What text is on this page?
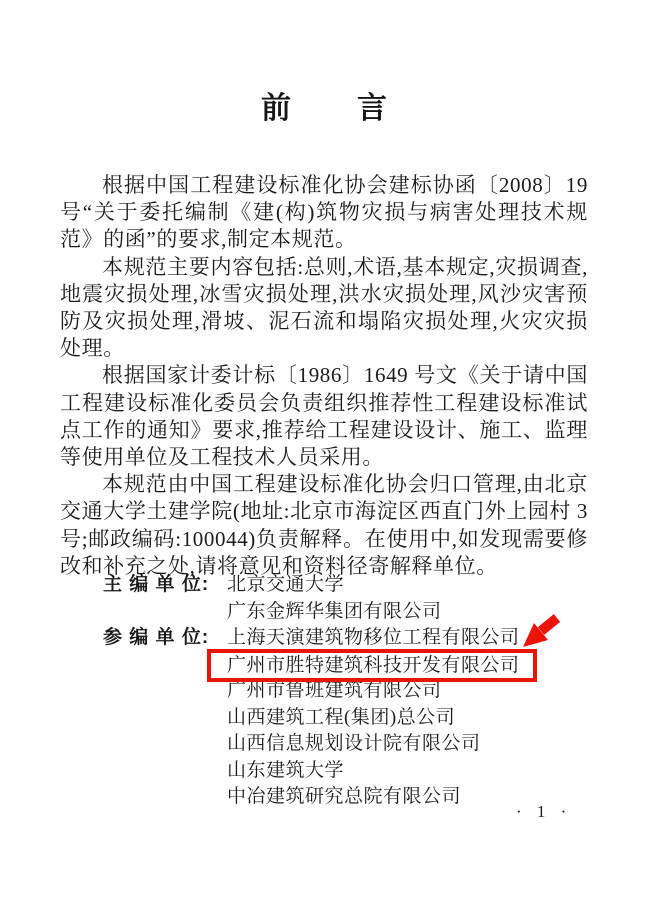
前　　言

根据中国工程建设标准化协会建标协函〔2008〕19 号“关于委托编制《建(构)筑物灾损与病害处理技术规范》的函”的要求,制定本规范。

本规范主要内容包括:总则,术语,基本规定,灾损调查,地震灾损处理,冰雪灾损处理,洪水灾损处理,风沙灾害预防及灾损处理,滑坡、泥石流和塌陷灾损处理,火灾灾损处理。

根据国家计委计标〔1986〕1649 号文《关于请中国工程建设标准化委员会负责组织推荐性工程建设标准试点工作的通知》要求,推荐给工程建设设计、施工、监理等使用单位及工程技术人员采用。

本规范由中国工程建设标准化协会归口管理,由北京交通大学土建学院(地址:北京市海淀区西直门外上园村 3 号;邮政编码:100044)负责解释。在使用中,如发现需要修改和补充之处,请将意见和资料径寄解释单位。

主 编 单 位: 北京交通大学
广东金辉华集团有限公司
参 编 单 位: 上海天演建筑物移位工程有限公司
广州市胜特建筑科技开发有限公司
广州市鲁班建筑有限公司
山西建筑工程(集团)总公司
山西信息规划设计院有限公司
山东建筑大学
中冶建筑研究总院有限公司
· 1 ·
